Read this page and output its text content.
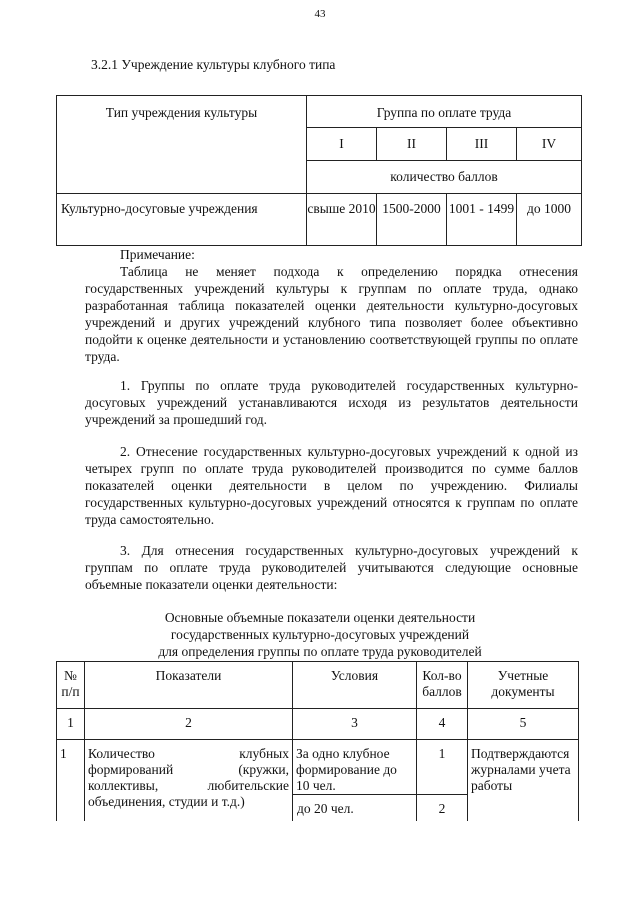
43
3.2.1 Учреждение культуры клубного типа
Тип учреждения культуры	Группа по оплате труда			
	I	II	III	IV
	количество баллов			
Культурно-досуговые учреждения	свыше 2010	1500-2000	1001 - 1499	до 1000
Примечание:
Таблица не меняет подхода к определению порядка отнесения государственных учреждений культуры к группам по оплате труда, однако разработанная таблица показателей оценки деятельности культурно-досуговых учреждений и других учреждений клубного типа позволяет более объективно подойти к оценке деятельности и установлению соответствующей группы по оплате труда.
1. Группы по оплате труда руководителей государственных культурно-досуговых учреждений устанавливаются исходя из результатов деятельности учреждений за прошедший год.
2. Отнесение государственных культурно-досуговых учреждений к одной из четырех групп по оплате труда руководителей производится по сумме баллов показателей оценки деятельности в целом по учреждению. Филиалы государственных культурно-досуговых учреждений относятся к группам по оплате труда самостоятельно.
3. Для отнесения государственных культурно-досуговых учреждений к группам по оплате труда руководителей учитываются следующие основные объемные показатели оценки деятельности:
Основные объемные показатели оценки деятельности
государственных культурно-досуговых учреждений
для определения группы по оплате труда руководителей
№ п/п	Показатели	Условия	Кол-во баллов	Учетные документы
1	2	3	4	5
1	Количество клубных формирований (кружки, коллективы, любительские объединения, студии и т.д.)	За одно клубное формирование до 10 чел.	1	Подтверждаются журналами учета работы
		до 20 чел.	2	
